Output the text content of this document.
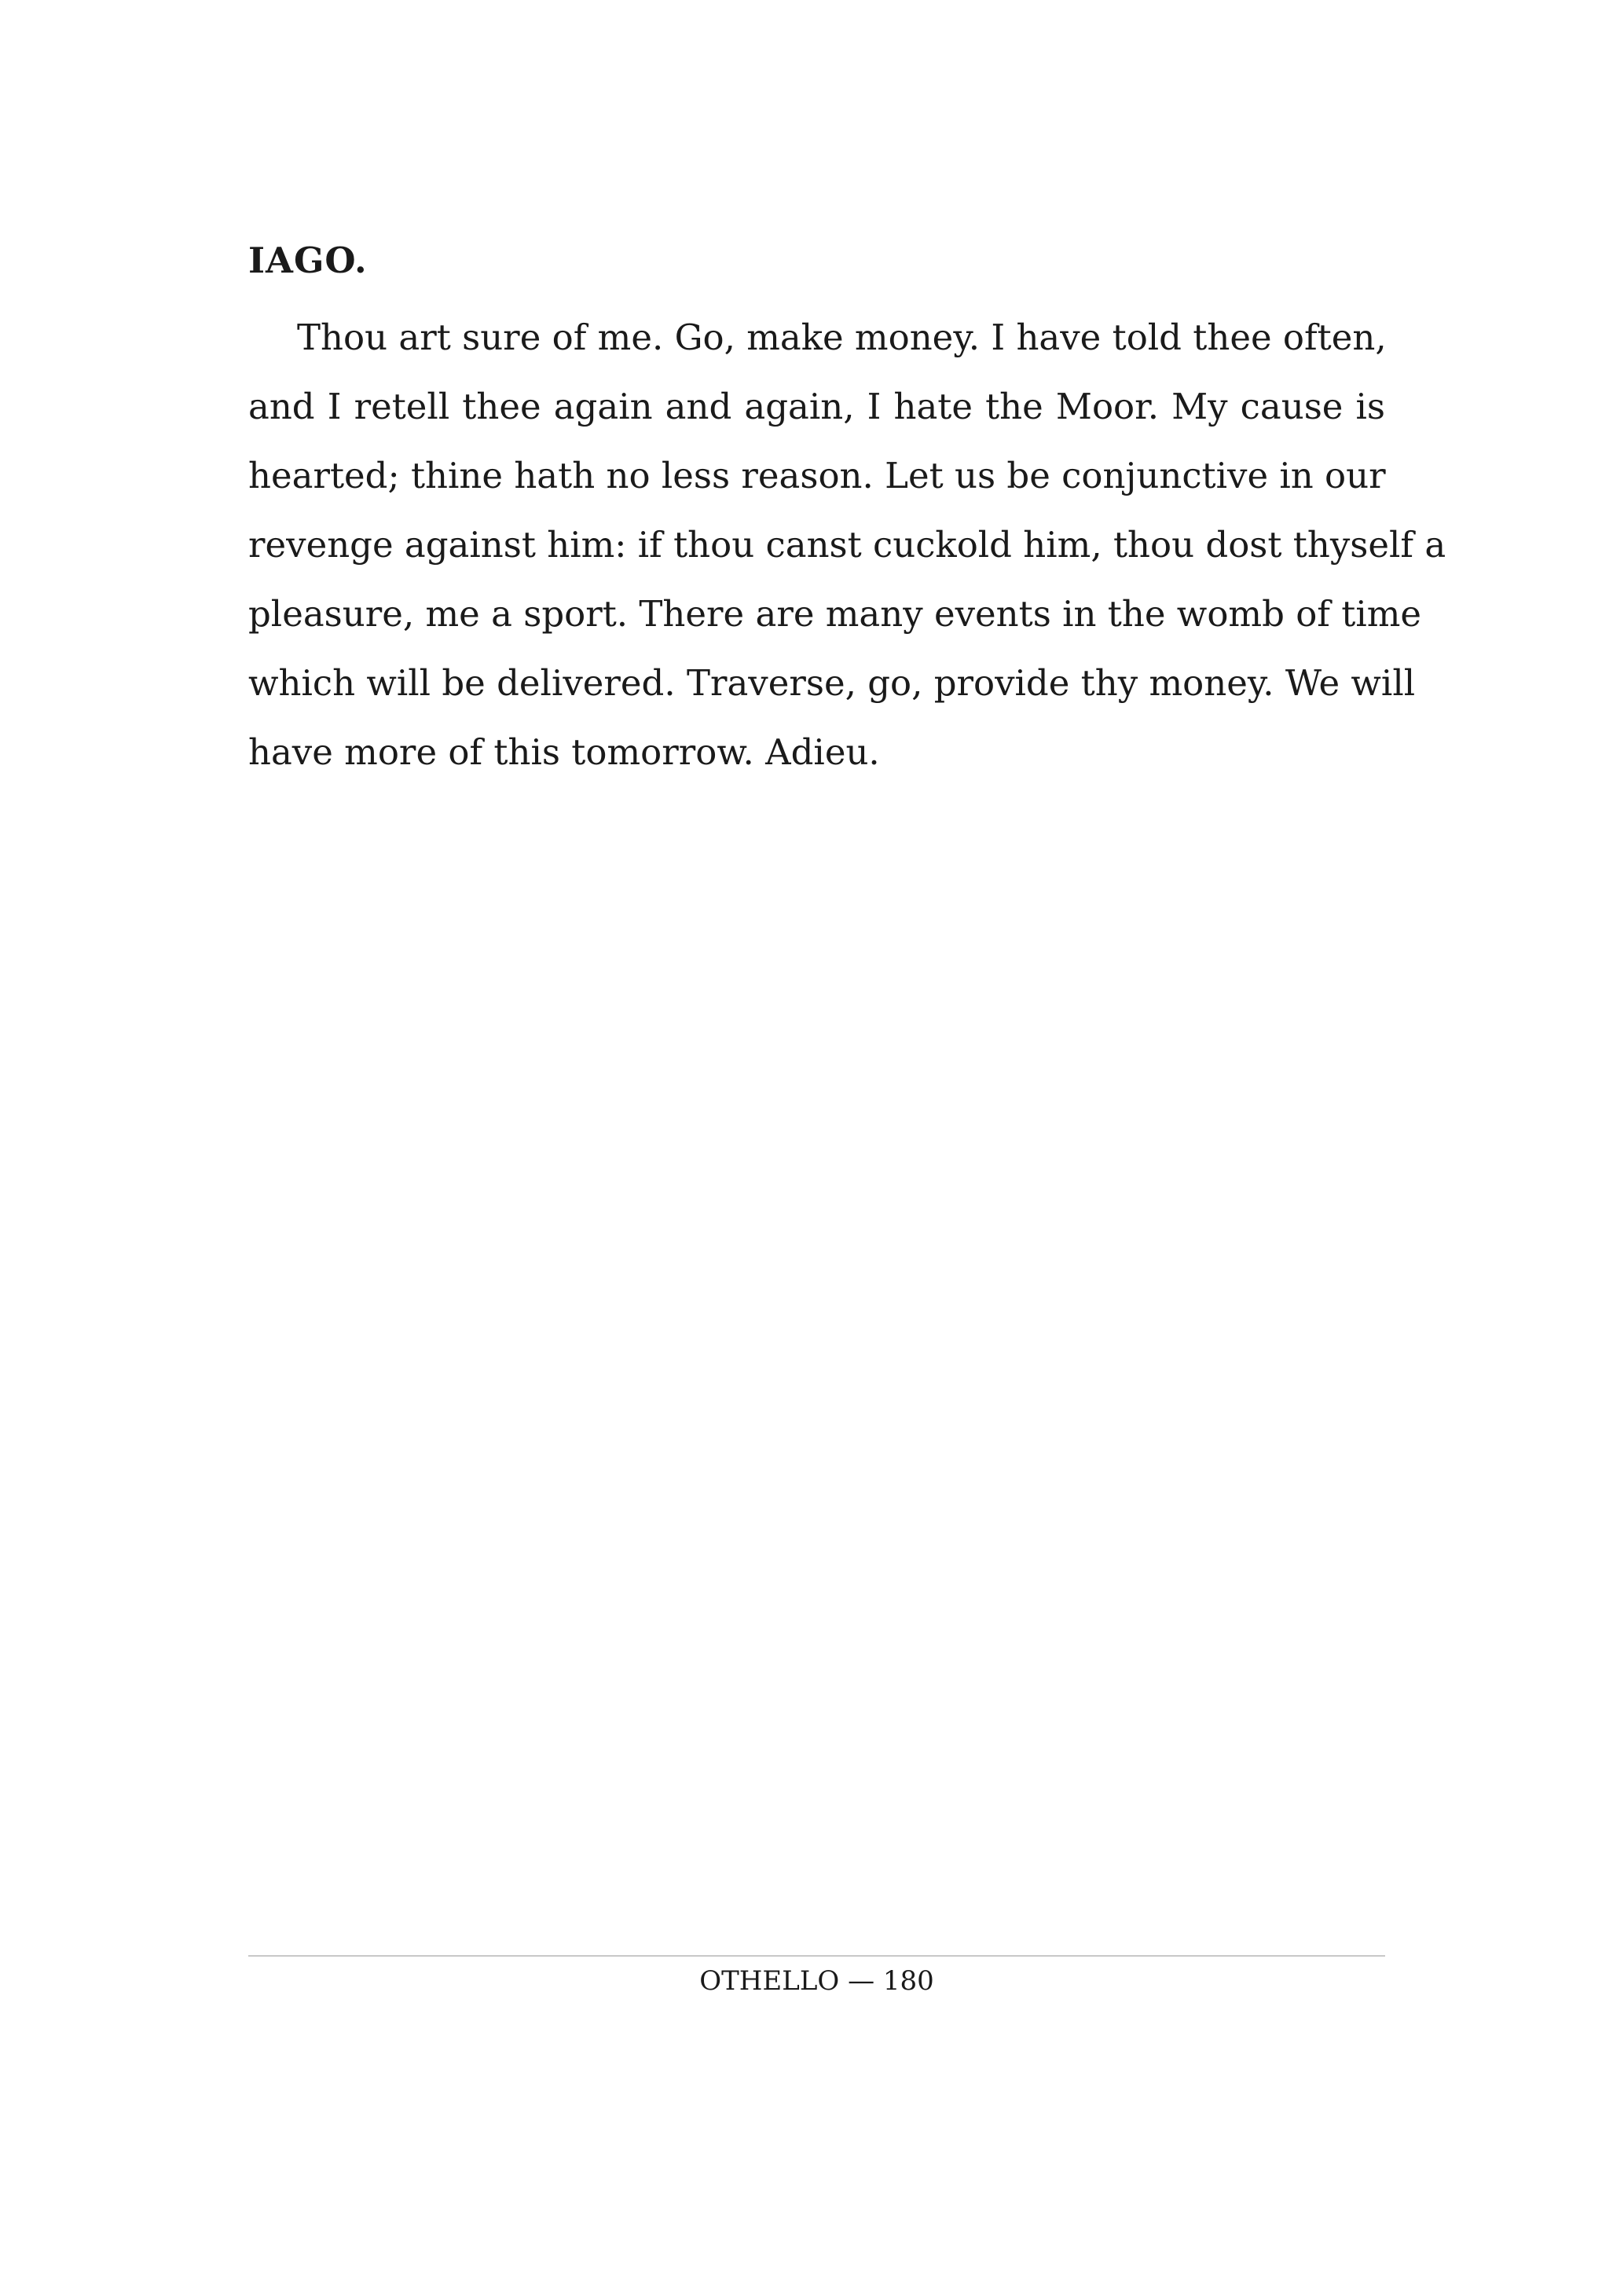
IAGO.
Thou art sure of me. Go, make money. I have told thee often,
and I retell thee again and again, I hate the Moor. My cause is
hearted; thine hath no less reason. Let us be conjunctive in our
revenge against him: if thou canst cuckold him, thou dost thyself a
pleasure, me a sport. There are many events in the womb of time
which will be delivered. Traverse, go, provide thy money. We will
have more of this tomorrow. Adieu.
OTHELLO — 180
